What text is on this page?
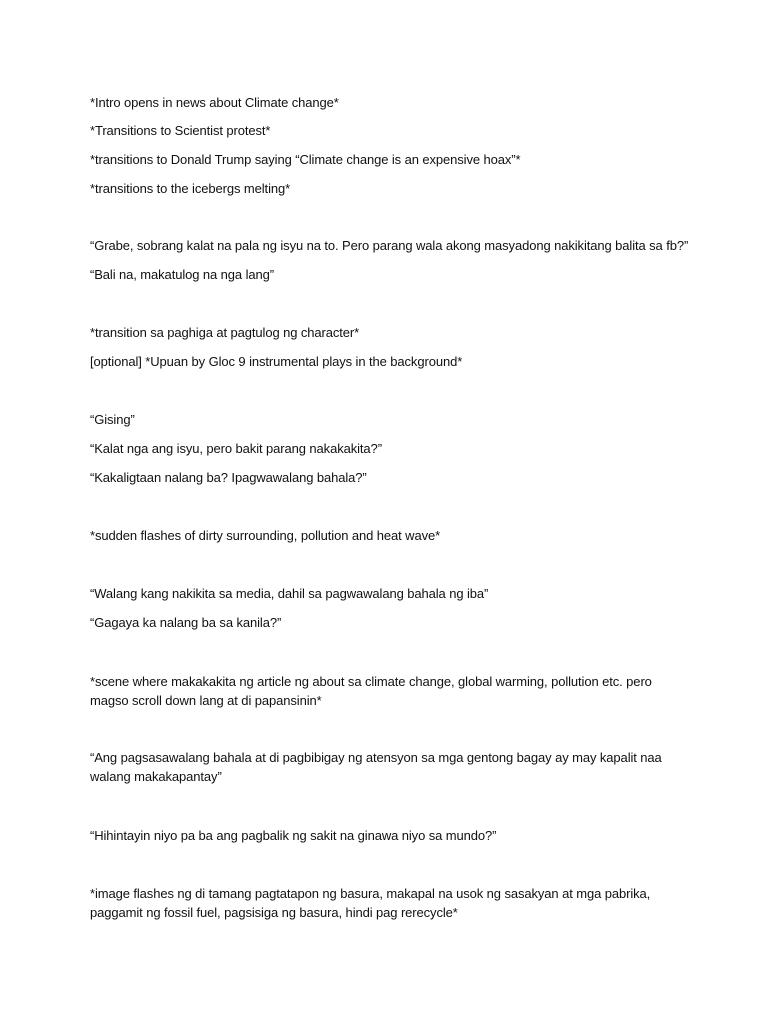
*Intro opens in news about Climate change*
*Transitions to Scientist protest*
*transitions to Donald Trump saying “Climate change is an expensive hoax”*
*transitions to the icebergs melting*
“Grabe, sobrang kalat na pala ng isyu na to. Pero parang wala akong masyadong nakikitang balita sa fb?”
“Bali na, makatulog na nga lang”
*transition sa paghiga at pagtulog ng character*
[optional] *Upuan by Gloc 9 instrumental plays in the background*
“Gising”
“Kalat nga ang isyu, pero bakit parang nakakakita?”
“Kakaligtaan nalang ba? Ipagwawalang bahala?”
*sudden flashes of dirty surrounding, pollution and heat wave*
“Walang kang nakikita sa media, dahil sa pagwawalang bahala ng iba”
“Gagaya ka nalang ba sa kanila?”
*scene where makakakita ng article ng about sa climate change, global warming, pollution etc. pero magso scroll down lang at di papansinin*
“Ang pagsasawalang bahala at di pagbibigay ng atensyon sa mga gentong bagay ay may kapalit naa walang makakapantay”
“Hihintayin niyo pa ba ang pagbalik ng sakit na ginawa niyo sa mundo?”
*image flashes ng di tamang pagtatapon ng basura, makapal na usok ng sasakyan at mga pabrika, paggamit ng fossil fuel, pagsisiga ng basura, hindi pag rerecycle*
